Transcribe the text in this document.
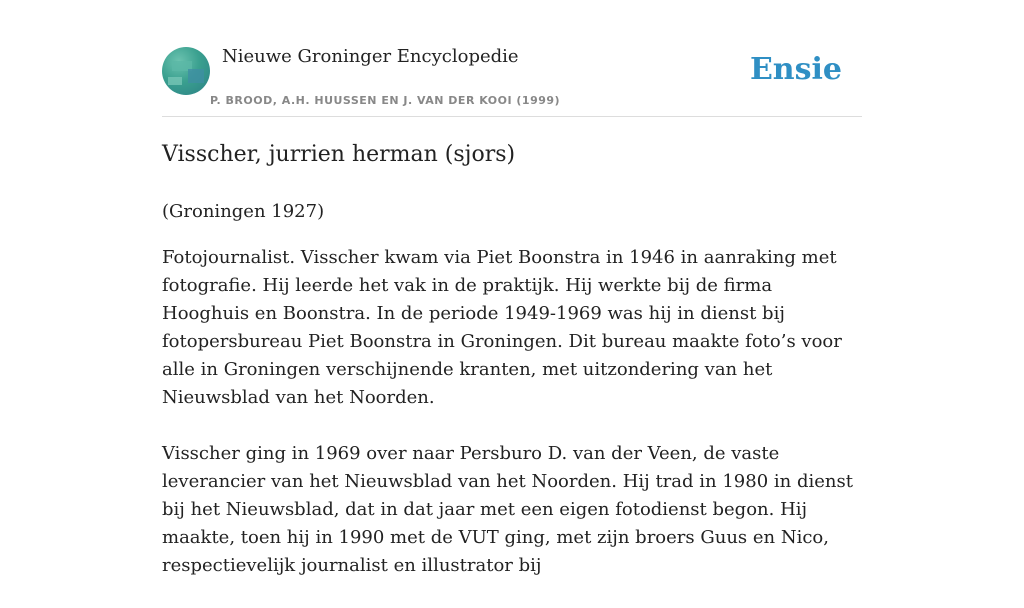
Nieuwe Groninger Encyclopedie
P. BROOD, A.H. HUUSSEN EN J. VAN DER KOOI (1999)
Ensie
Visscher, jurrien herman (sjors)

(Groningen 1927)

Fotojournalist. Visscher kwam via Piet Boonstra in 1946 in aanraking met fotografie. Hij leerde het vak in de praktijk. Hij werkte bij de firma Hooghuis en Boonstra. In de periode 1949-1969 was hij in dienst bij fotopersbureau Piet Boonstra in Groningen. Dit bureau maakte foto’s voor alle in Groningen verschijnende kranten, met uitzondering van het Nieuwsblad van het Noorden.

Visscher ging in 1969 over naar Persburo D. van der Veen, de vaste leverancier van het Nieuwsblad van het Noorden. Hij trad in 1980 in dienst bij het Nieuwsblad, dat in dat jaar met een eigen fotodienst begon. Hij maakte, toen hij in 1990 met de VUT ging, met zijn broers Guus en Nico, respectievelijk journalist en illustrator bij
